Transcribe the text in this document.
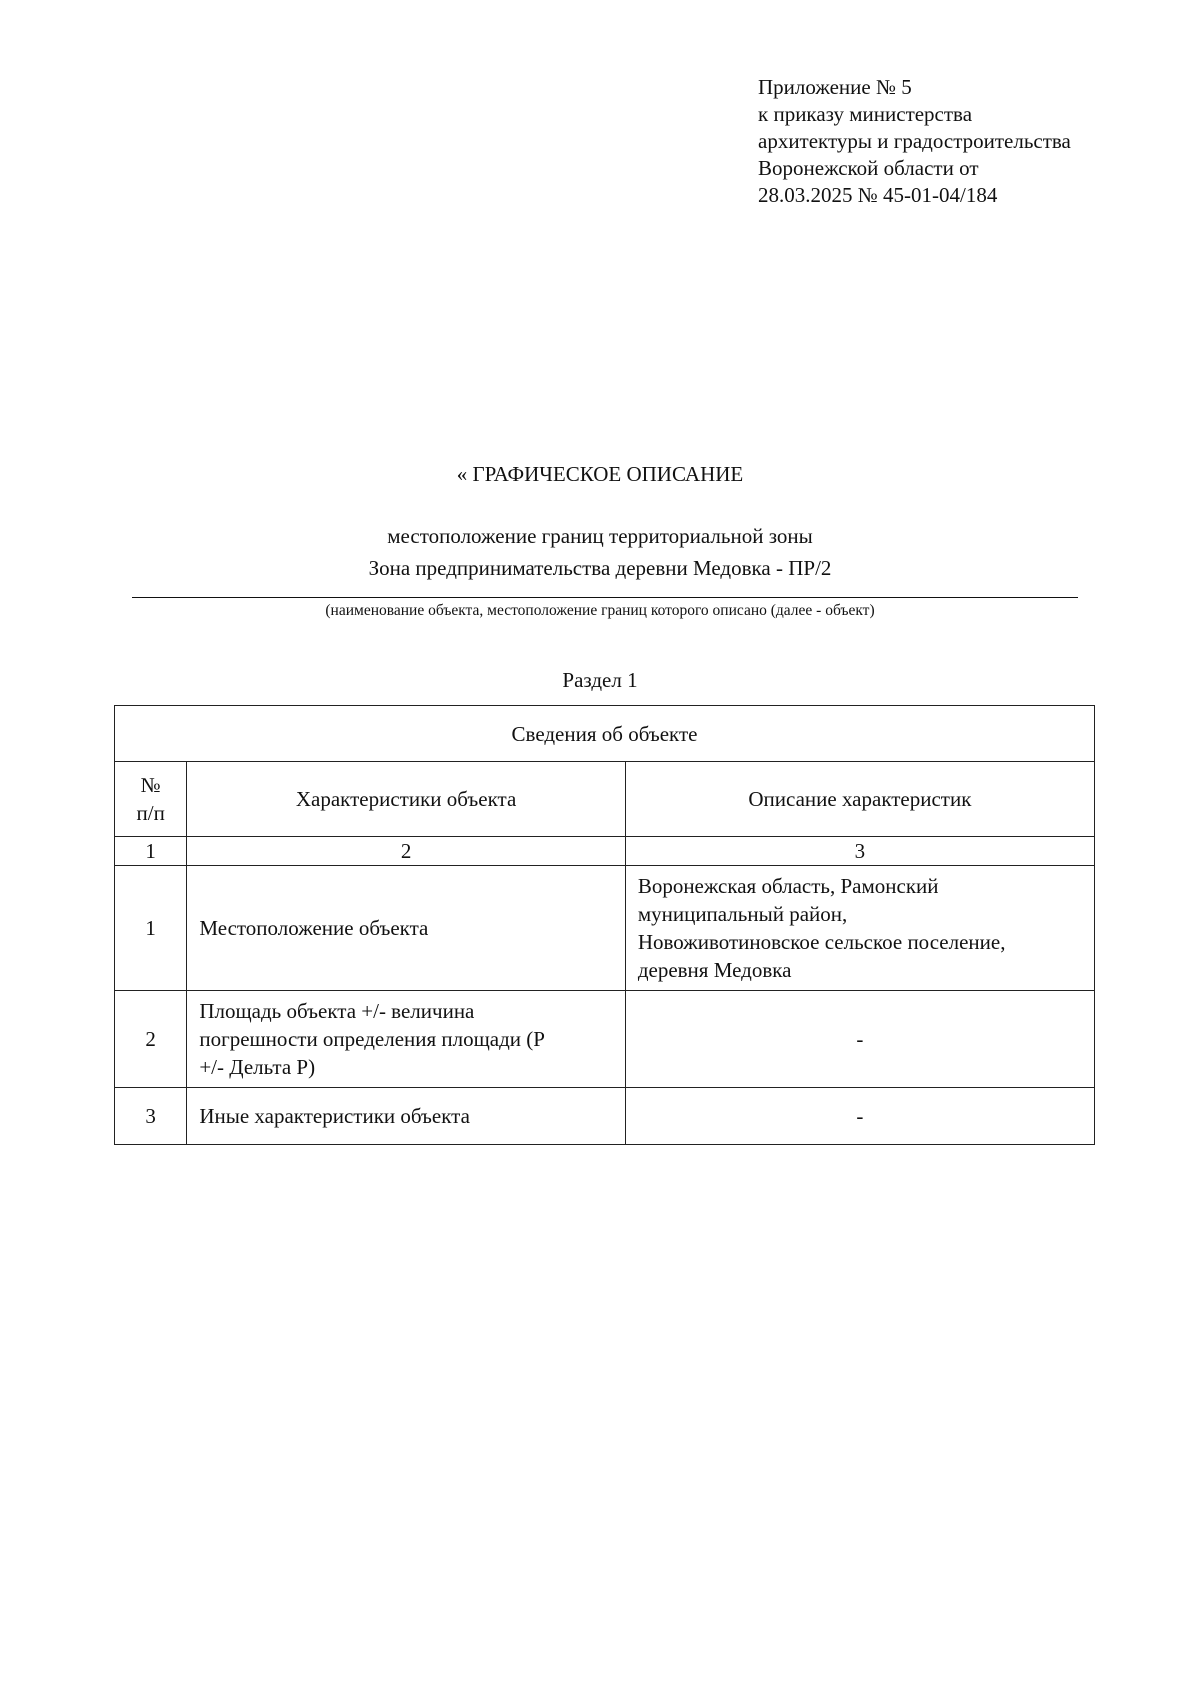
Приложение № 5
к приказу министерства
архитектуры и градостроительства
Воронежской области от
28.03.2025 № 45-01-04/184
« ГРАФИЧЕСКОЕ ОПИСАНИЕ
местоположение границ территориальной зоны
Зона предпринимательства деревни Медовка - ПР/2
(наименование объекта, местоположение границ которого описано (далее - объект)
Раздел 1
Сведения об объекте		

№
п/п	Характеристики объекта	Описание характеристик
1	2	3
1	Местоположение объекта	Воронежская область, Рамонский
муниципальный район,
Новоживотиновское сельское поселение,
деревня Медовка

2	Площадь объекта +/- величина
погрешности определения площади (P
+/- Дельта P)	-
3	Иные характеристики объекта	-
